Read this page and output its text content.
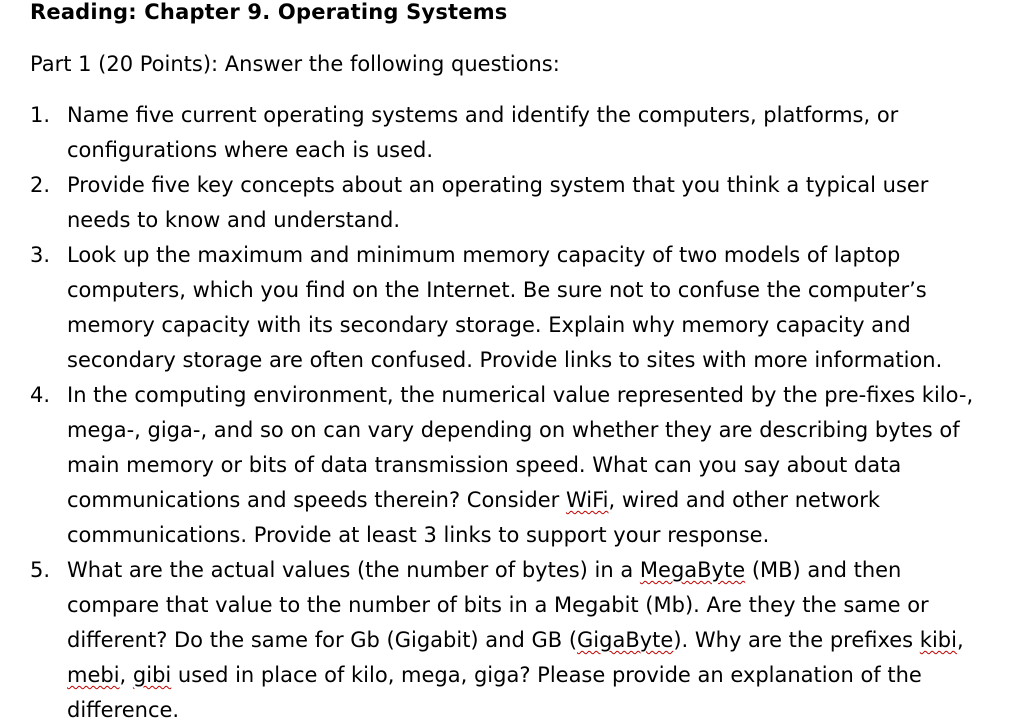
Reading: Chapter 9. Operating Systems
Part 1 (20 Points): Answer the following questions:
1. Name five current operating systems and identify the computers, platforms, or configurations where each is used.
2. Provide five key concepts about an operating system that you think a typical user needs to know and understand.
3. Look up the maximum and minimum memory capacity of two models of laptop computers, which you find on the Internet. Be sure not to confuse the computer’s memory capacity with its secondary storage. Explain why memory capacity and secondary storage are often confused. Provide links to sites with more information.
4. In the computing environment, the numerical value represented by the pre-fixes kilo-, mega-, giga-, and so on can vary depending on whether they are describing bytes of main memory or bits of data transmission speed. What can you say about data communications and speeds therein? Consider WiFi, wired and other network communications. Provide at least 3 links to support your response.
5. What are the actual values (the number of bytes) in a MegaByte (MB) and then compare that value to the number of bits in a Megabit (Mb). Are they the same or different? Do the same for Gb (Gigabit) and GB (GigaByte). Why are the prefixes kibi, mebi, gibi used in place of kilo, mega, giga? Please provide an explanation of the difference.
